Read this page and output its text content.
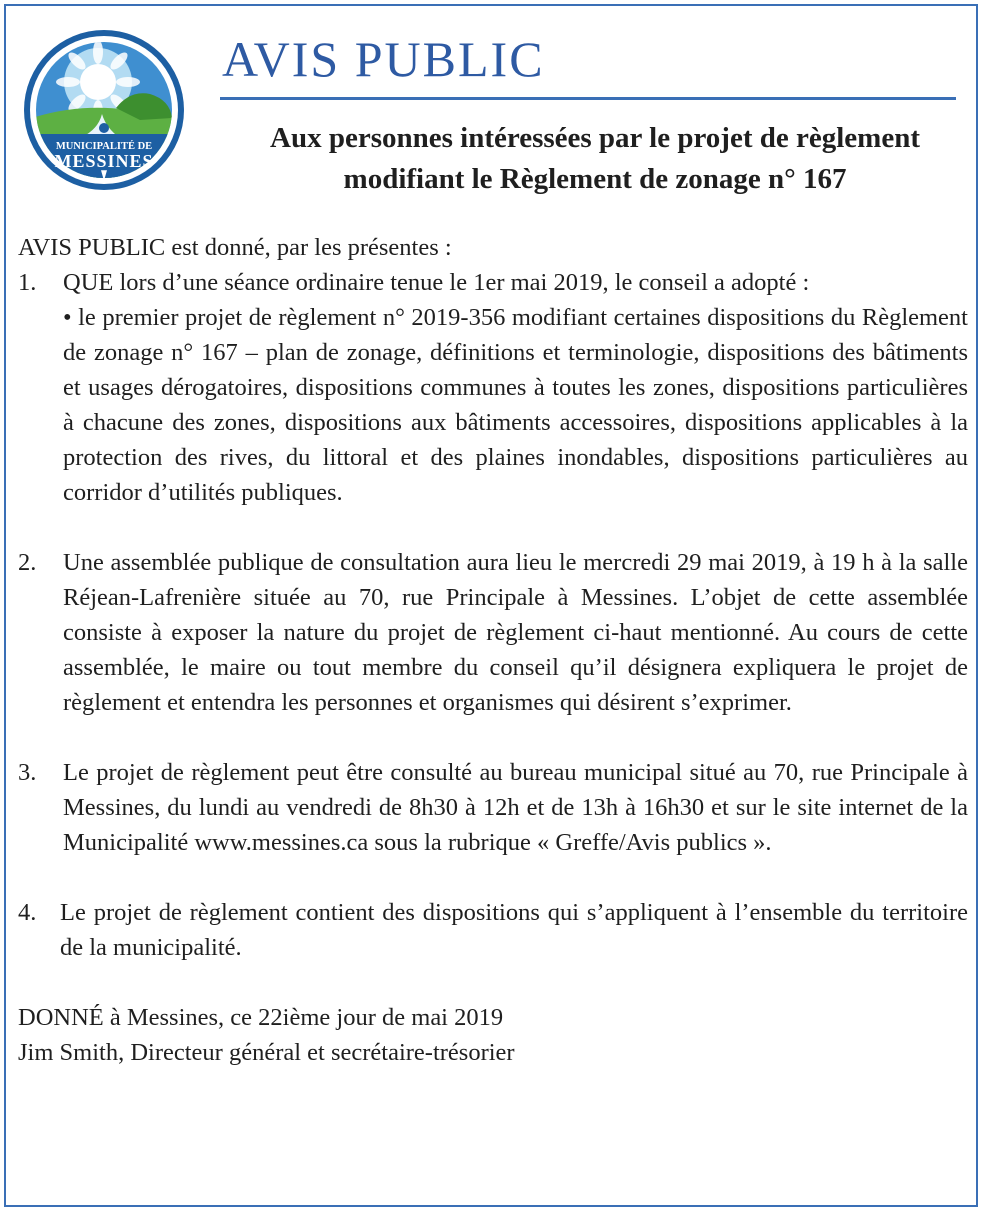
MUNICIPALITÉ DE
MESSINES
AVIS PUBLIC
Aux personnes intéressées par le projet de règlement
modifiant le Règlement de zonage n° 167

AVIS PUBLIC est donné, par les présentes :

1. QUE lors d’une séance ordinaire tenue le 1er mai 2019, le conseil a adopté :
• le premier projet de règlement n° 2019-356 modifiant certaines dispositions du Règlement de zonage n° 167 – plan de zonage, définitions et terminologie, dispositions des bâtiments et usages dérogatoires, dispositions communes à toutes les zones, dispositions particulières à chacune des zones, dispositions aux bâtiments accessoires, dispositions applicables à la protection des rives, du littoral et des plaines inondables, dispositions particulières au corridor d’utilités publiques.
2. Une assemblée publique de consultation aura lieu le mercredi 29 mai 2019, à 19 h à la salle Réjean-Lafrenière située au 70, rue Principale à Messines. L’objet de cette assemblée consiste à exposer la nature du projet de règlement ci-haut mentionné. Au cours de cette assemblée, le maire ou tout membre du conseil qu’il désignera expliquera le projet de règlement et entendra les personnes et organismes qui désirent s’exprimer.
3. Le projet de règlement peut être consulté au bureau municipal situé au 70, rue Principale à Messines, du lundi au vendredi de 8h30 à 12h et de 13h à 16h30 et sur le site internet de la Municipalité www.messines.ca sous la rubrique « Greffe/Avis publics ».
4. Le projet de règlement contient des dispositions qui s’appliquent à l’ensemble du territoire de la municipalité.

DONNÉ à Messines, ce 22ième jour de mai 2019

Jim Smith, Directeur général et secrétaire-trésorier
